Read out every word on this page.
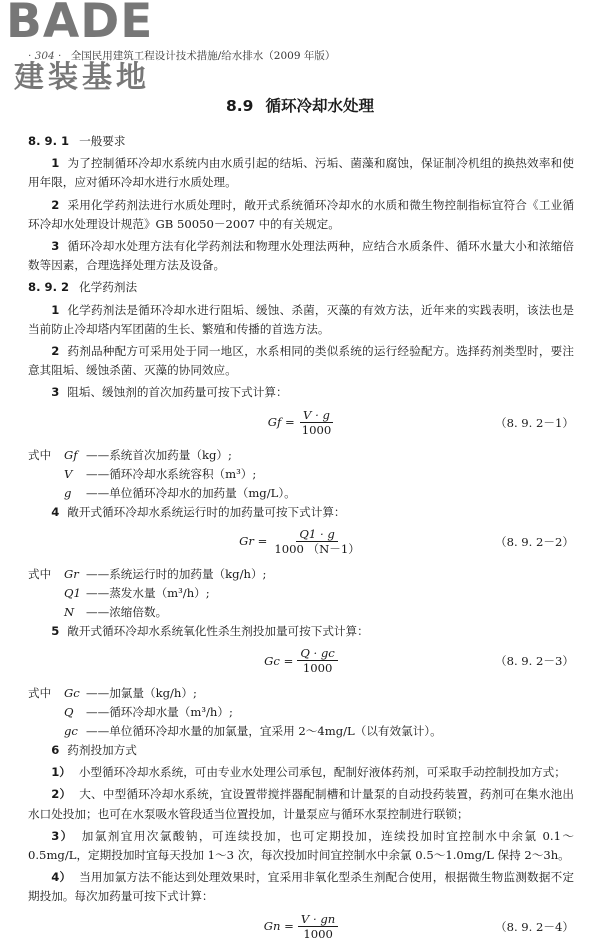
BADE
建装基地
· 304 · 全国民用建筑工程设计技术措施/给水排水（2009 年版）
8.9 循环冷却水处理
8. 9. 1 一般要求

1 为了控制循环冷却水系统内由水质引起的结垢、污垢、菌藻和腐蚀，保证制冷机组的换热效率和使用年限，应对循环冷却水进行水质处理。

2 采用化学药剂法进行水质处理时，敞开式系统循环冷却水的水质和微生物控制指标宜符合《工业循环冷却水处理设计规范》GB 50050－2007 中的有关规定。

3 循环冷却水处理方法有化学药剂法和物理水处理法两种，应结合水质条件、循环水量大小和浓缩倍数等因素，合理选择处理方法及设备。

8. 9. 2 化学药剂法

1 化学药剂法是循环冷却水进行阻垢、缓蚀、杀菌，灭藻的有效方法，近年来的实践表明，该法也是当前防止冷却塔内军团菌的生长、繁殖和传播的首选方法。

2 药剂品种配方可采用处于同一地区，水系相同的类似系统的运行经验配方。选择药剂类型时，要注意其阻垢、缓蚀杀菌、灭藻的协同效应。

3 阻垢、缓蚀剂的首次加药量可按下式计算：

$Gf = \frac{V \cdot g}{1000}$	（8. 9. 2－1）
式中 Gf ——系统首次加药量（kg）;
V ——循环冷却水系统容积（m³）;
g ——单位循环冷却水的加药量（mg/L）。

4 敞开式循环冷却水系统运行时的加药量可按下式计算：

$Gr = \frac{Q1 \cdot g}{1000 (N-1)}$	（8. 9. 2－2）
式中 Gr ——系统运行时的加药量（kg/h）;
Q1 ——蒸发水量（m³/h）;
N ——浓缩倍数。

5 敞开式循环冷却水系统氧化性杀生剂投加量可按下式计算：

$Gc = \frac{Q \cdot gc}{1000}$	（8. 9. 2－3）
式中 Gc ——加氯量（kg/h）;
Q ——循环冷却水量（m³/h）;
gc ——单位循环冷却水量的加氯量，宜采用 2～4mg/L（以有效氯计）。

6 药剂投加方式

1） 小型循环冷却水系统，可由专业水处理公司承包，配制好液体药剂，可采取手动控制投加方式；

2） 大、中型循环冷却水系统，宜设置带搅拌器配制槽和计量泵的自动投药装置，药剂可在集水池出水口处投加；也可在水泵吸水管段适当位置投加，计量泵应与循环水泵控制进行联锁；

3） 加氯剂宜用次氯酸钠，可连续投加，也可定期投加，连续投加时宜控制水中余氯 0.1～0.5mg/L，定期投加时宜每天投加 1～3 次，每次投加时间宜控制水中余氯 0.5～1.0mg/L 保持 2～3h。

4） 当用加氯方法不能达到处理效果时，宜采用非氧化型杀生剂配合使用，根据微生物监测数据不定期投加。每次加药量可按下式计算：

$Gn = \frac{V \cdot gn}{1000}$	（8. 9. 2－4）
